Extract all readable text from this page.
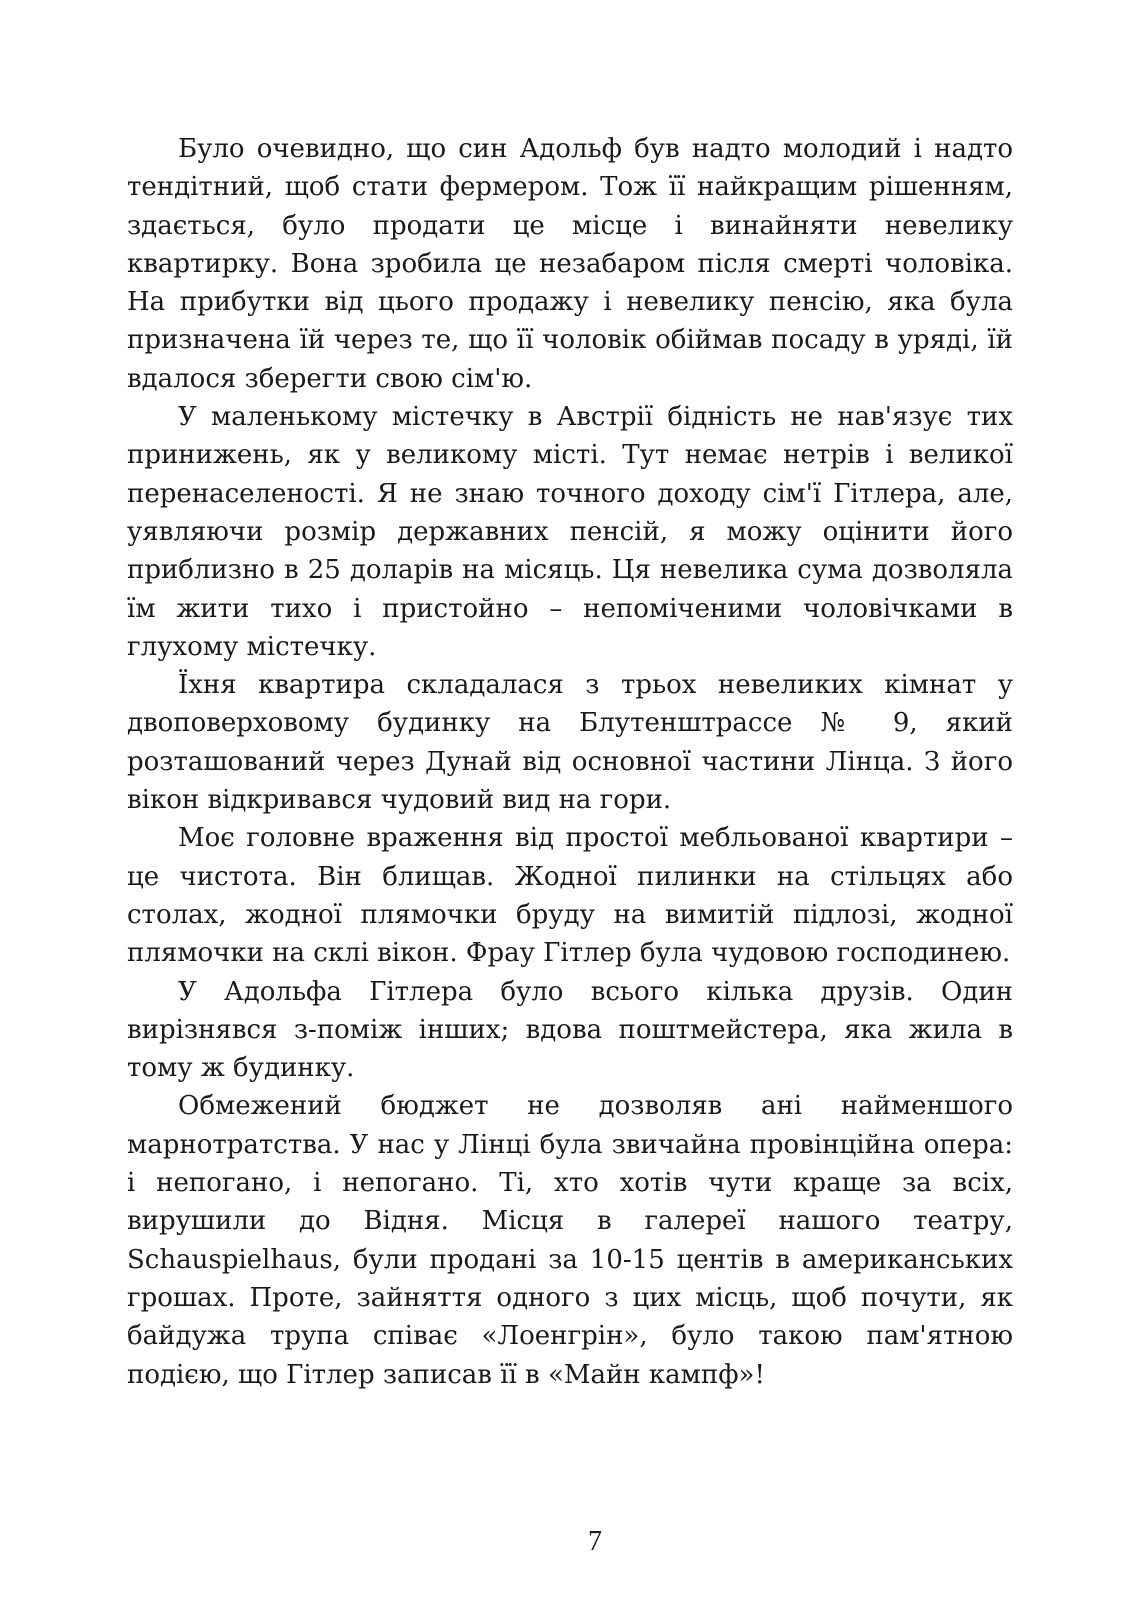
Було очевидно, що син Адольф був надто молодий і надто тендітний, щоб стати фермером. Тож її найкращим рішенням, здається, було продати це місце і винайняти невелику квартирку. Вона зробила це незабаром після смерті чоловіка. На прибутки від цього продажу і невелику пенсію, яка була призначена їй через те, що її чоловік обіймав посаду в уряді, їй вдалося зберегти свою сім'ю.

У маленькому містечку в Австрії бідність не нав'язує тих принижень, як у великому місті. Тут немає нетрів і великої перенаселеності. Я не знаю точного доходу сім'ї Гітлера, але, уявляючи розмір державних пенсій, я можу оцінити його приблизно в 25 доларів на місяць. Ця невелика сума дозволяла їм жити тихо і пристойно – непоміченими чоловічками в глухому містечку.

Їхня квартира складалася з трьох невеликих кімнат у двоповерховому будинку на Блутенштрассе № 9, який розташований через Дунай від основної частини Лінца. З його вікон відкривався чудовий вид на гори.

Моє головне враження від простої мебльованої квартири – це чистота. Він блищав. Жодної пилинки на стільцях або столах, жодної плямочки бруду на вимитій підлозі, жодної плямочки на склі вікон. Фрау Гітлер була чудовою господинею.

У Адольфа Гітлера було всього кілька друзів. Один вирізнявся з-поміж інших; вдова поштмейстера, яка жила в тому ж будинку.

Обмежений бюджет не дозволяв ані найменшого марнотратства. У нас у Лінці була звичайна провінційна опера: і непогано, і непогано. Ті, хто хотів чути краще за всіх, вирушили до Відня. Місця в галереї нашого театру, Schauspielhaus, були продані за 10-15 центів в американських грошах. Проте, зайняття одного з цих місць, щоб почути, як байдужа трупа співає «Лоенгрін», було такою пам'ятною подією, що Гітлер записав її в «Майн кампф»!

7
